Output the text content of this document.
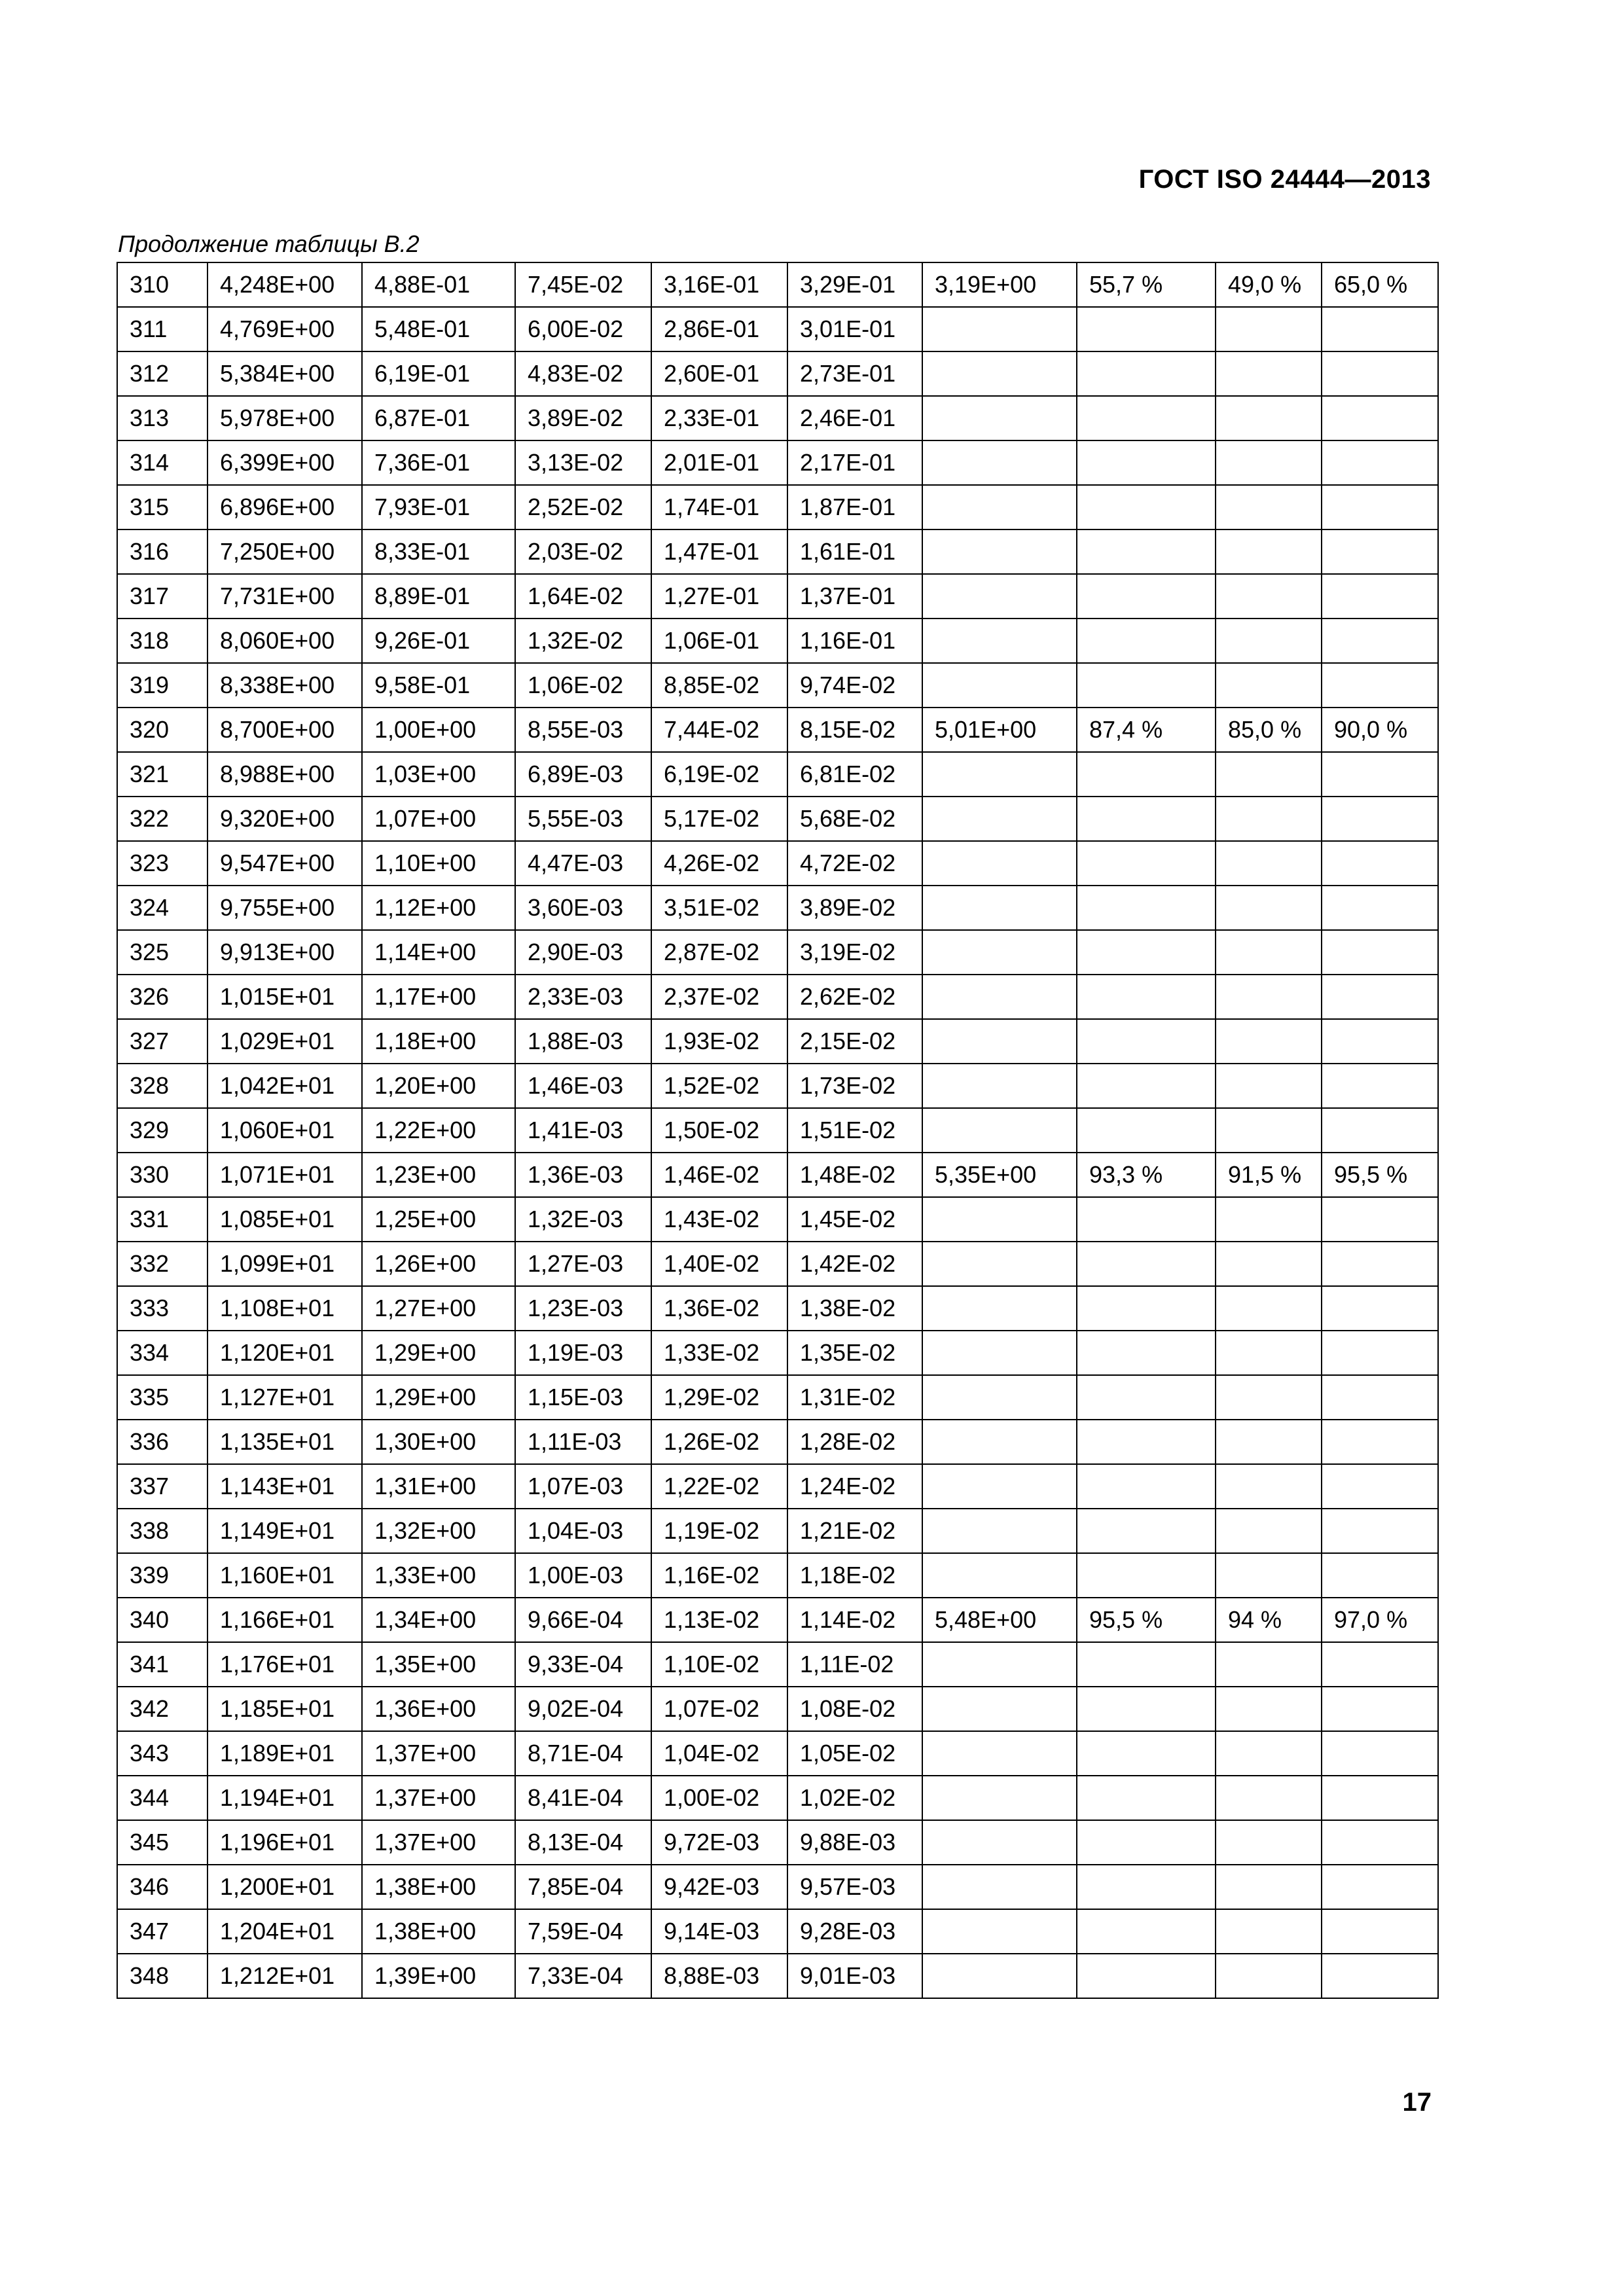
ГОСТ ISO 24444—2013
Продолжение таблицы В.2
310	4,248E+00	4,88E-01	7,45E-02	3,16E-01	3,29E-01	3,19E+00	55,7 %	49,0 %	65,0 %
311	4,769E+00	5,48E-01	6,00E-02	2,86E-01	3,01E-01				
312	5,384E+00	6,19E-01	4,83E-02	2,60E-01	2,73E-01				
313	5,978E+00	6,87E-01	3,89E-02	2,33E-01	2,46E-01				
314	6,399E+00	7,36E-01	3,13E-02	2,01E-01	2,17E-01				
315	6,896E+00	7,93E-01	2,52E-02	1,74E-01	1,87E-01				
316	7,250E+00	8,33E-01	2,03E-02	1,47E-01	1,61E-01				
317	7,731E+00	8,89E-01	1,64E-02	1,27E-01	1,37E-01				
318	8,060E+00	9,26E-01	1,32E-02	1,06E-01	1,16E-01				
319	8,338E+00	9,58E-01	1,06E-02	8,85E-02	9,74E-02				
320	8,700E+00	1,00E+00	8,55E-03	7,44E-02	8,15E-02	5,01E+00	87,4 %	85,0 %	90,0 %
321	8,988E+00	1,03E+00	6,89E-03	6,19E-02	6,81E-02				
322	9,320E+00	1,07E+00	5,55E-03	5,17E-02	5,68E-02				
323	9,547E+00	1,10E+00	4,47E-03	4,26E-02	4,72E-02				
324	9,755E+00	1,12E+00	3,60E-03	3,51E-02	3,89E-02				
325	9,913E+00	1,14E+00	2,90E-03	2,87E-02	3,19E-02				
326	1,015E+01	1,17E+00	2,33E-03	2,37E-02	2,62E-02				
327	1,029E+01	1,18E+00	1,88E-03	1,93E-02	2,15E-02				
328	1,042E+01	1,20E+00	1,46E-03	1,52E-02	1,73E-02				
329	1,060E+01	1,22E+00	1,41E-03	1,50E-02	1,51E-02				
330	1,071E+01	1,23E+00	1,36E-03	1,46E-02	1,48E-02	5,35E+00	93,3 %	91,5 %	95,5 %
331	1,085E+01	1,25E+00	1,32E-03	1,43E-02	1,45E-02				
332	1,099E+01	1,26E+00	1,27E-03	1,40E-02	1,42E-02				
333	1,108E+01	1,27E+00	1,23E-03	1,36E-02	1,38E-02				
334	1,120E+01	1,29E+00	1,19E-03	1,33E-02	1,35E-02				
335	1,127E+01	1,29E+00	1,15E-03	1,29E-02	1,31E-02				
336	1,135E+01	1,30E+00	1,11E-03	1,26E-02	1,28E-02				
337	1,143E+01	1,31E+00	1,07E-03	1,22E-02	1,24E-02				
338	1,149E+01	1,32E+00	1,04E-03	1,19E-02	1,21E-02				
339	1,160E+01	1,33E+00	1,00E-03	1,16E-02	1,18E-02				
340	1,166E+01	1,34E+00	9,66E-04	1,13E-02	1,14E-02	5,48E+00	95,5 %	94 %	97,0 %
341	1,176E+01	1,35E+00	9,33E-04	1,10E-02	1,11E-02				
342	1,185E+01	1,36E+00	9,02E-04	1,07E-02	1,08E-02				
343	1,189E+01	1,37E+00	8,71E-04	1,04E-02	1,05E-02				
344	1,194E+01	1,37E+00	8,41E-04	1,00E-02	1,02E-02				
345	1,196E+01	1,37E+00	8,13E-04	9,72E-03	9,88E-03				
346	1,200E+01	1,38E+00	7,85E-04	9,42E-03	9,57E-03				
347	1,204E+01	1,38E+00	7,59E-04	9,14E-03	9,28E-03				
348	1,212E+01	1,39E+00	7,33E-04	8,88E-03	9,01E-03				
17
